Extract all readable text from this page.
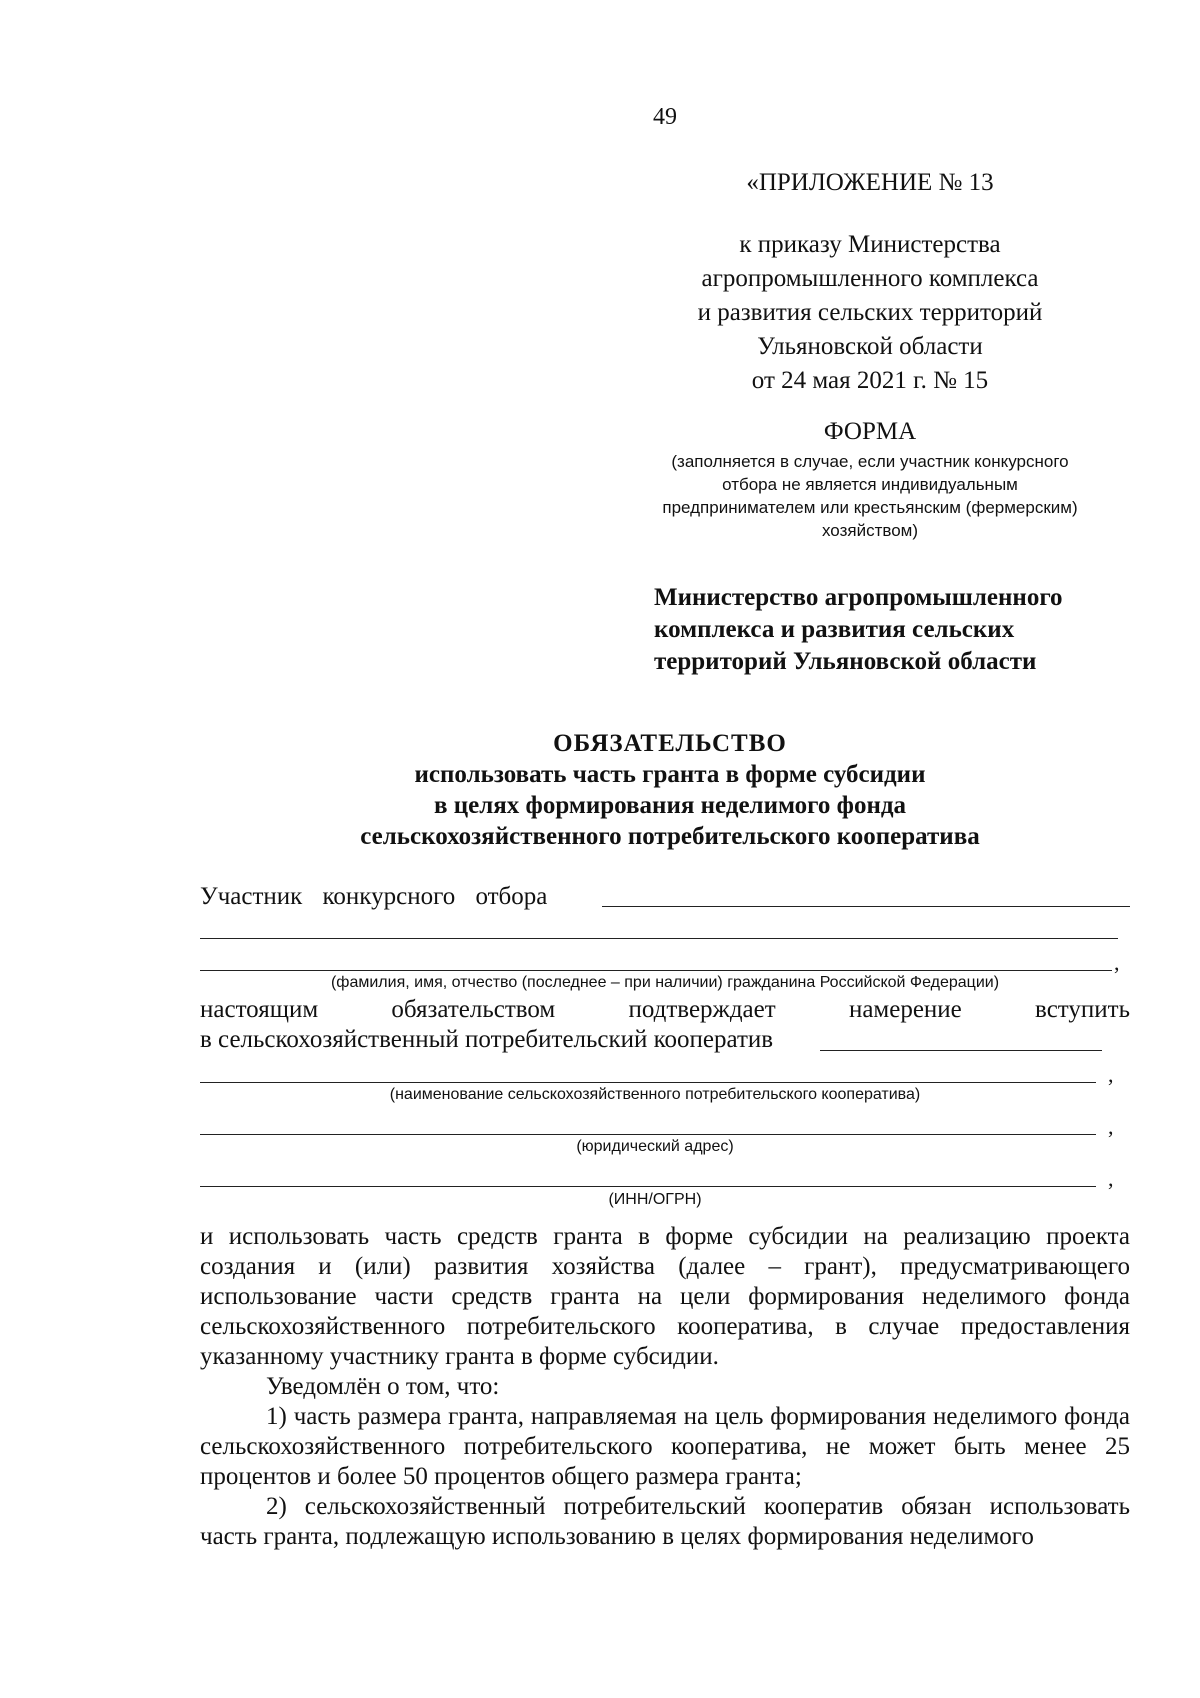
49
«ПРИЛОЖЕНИЕ № 13
к приказу Министерства
агропромышленного комплекса
и развития сельских территорий
Ульяновской области
от 24 мая 2021 г. № 15
ФОРМА
(заполняется в случае, если участник конкурсного
отбора не является индивидуальным
предпринимателем или крестьянским (фермерским)
хозяйством)
Министерство агропромышленного
комплекса и развития сельских
территорий Ульяновской области
ОБЯЗАТЕЛЬСТВО
использовать часть гранта в форме субсидии
в целях формирования неделимого фонда
сельскохозяйственного потребительского кооператива
Участник конкурсного отбора
,
(фамилия, имя, отчество (последнее – при наличии) гражданина Российской Федерации)
настоящим	обязательством	подтверждает	намерение	вступить
в сельскохозяйственный потребительский кооператив
,
(наименование сельскохозяйственного потребительского кооператива)
,
(юридический адрес)
,
(ИНН/ОГРН)
и использовать часть средств гранта в форме субсидии на реализацию проекта создания и (или) развития хозяйства (далее – грант), предусматривающего использование части средств гранта на цели формирования неделимого фонда сельскохозяйственного потребительского кооператива, в случае предоставления указанному участнику гранта в форме субсидии.
Уведомлён о том, что:
1) часть размера гранта, направляемая на цель формирования неделимого фонда сельскохозяйственного потребительского кооператива, не может быть менее 25 процентов и более 50 процентов общего размера гранта;
2) сельскохозяйственный потребительский кооператив обязан использовать часть гранта, подлежащую использованию в целях формирования неделимого
